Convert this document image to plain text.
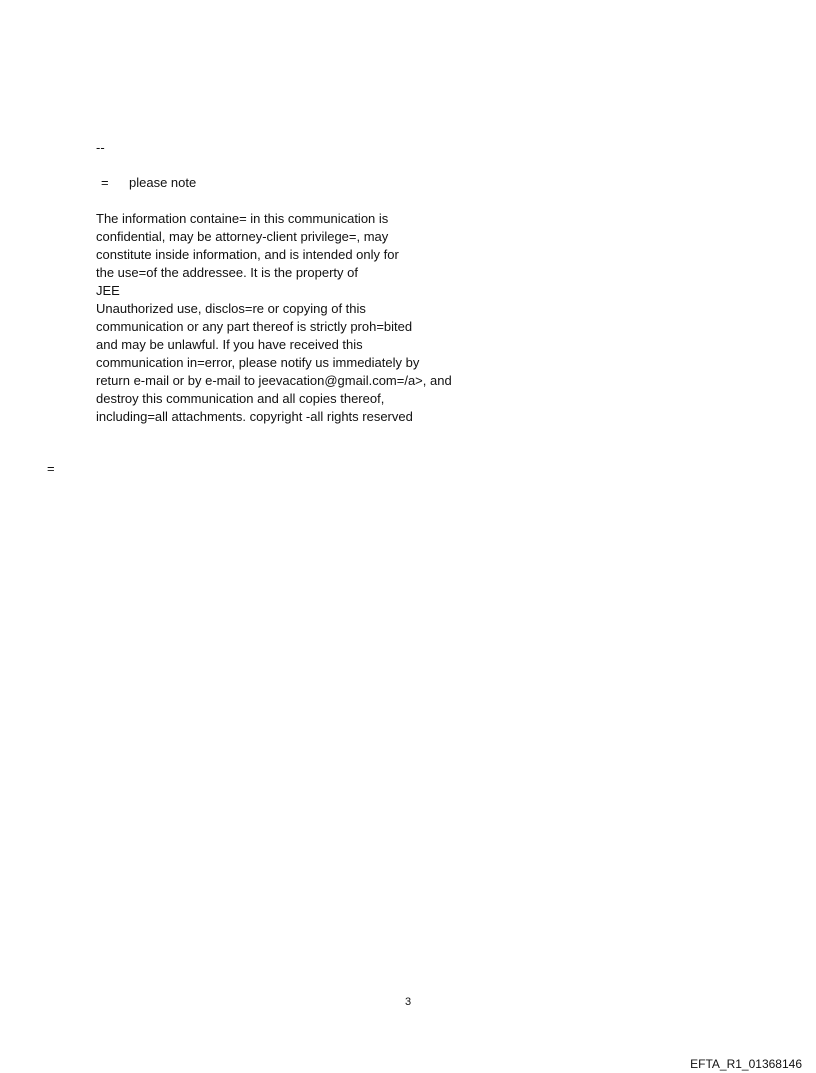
--
= please note
The information containe= in this communication is
confidential, may be attorney-client privilege=, may
constitute inside information, and is intended only for
the use=of the addressee. It is the property of
JEE
Unauthorized use, disclos=re or copying of this
communication or any part thereof is strictly proh=bited
and may be unlawful. If you have received this
communication in=error, please notify us immediately by
return e-mail or by e-mail to jeevacation@gmail.com=/a>, and
destroy this communication and all copies thereof,
including=all attachments. copyright -all rights reserved
=
3
EFTA_R1_01368146
